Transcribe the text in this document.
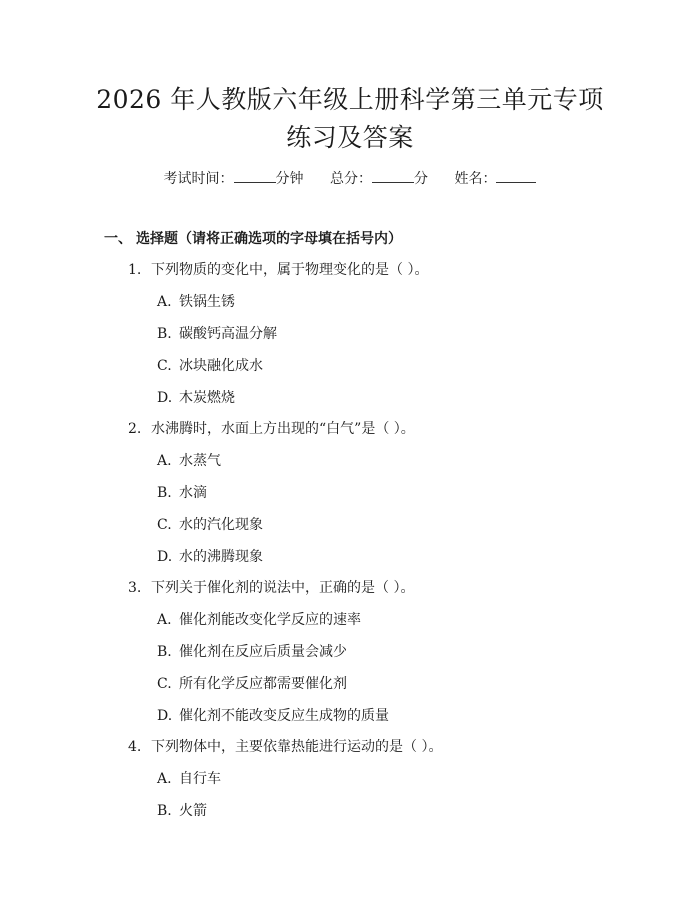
2026 年人教版六年级上册科学第三单元专项
练习及答案
考试时间：	分钟 总分：	分 姓名：
一、 选择题（请将正确选项的字母填在括号内）
1. 下列物质的变化中，属于物理变化的是（ ）。
A. 铁锅生锈
B. 碳酸钙高温分解
C. 冰块融化成水
D. 木炭燃烧
2. 水沸腾时，水面上方出现的“白气”是（ ）。
A. 水蒸气
B. 水滴
C. 水的汽化现象
D. 水的沸腾现象
3. 下列关于催化剂的说法中，正确的是（ ）。
A. 催化剂能改变化学反应的速率
B. 催化剂在反应后质量会减少
C. 所有化学反应都需要催化剂
D. 催化剂不能改变反应生成物的质量
4. 下列物体中，主要依靠热能进行运动的是（ ）。
A. 自行车
B. 火箭
